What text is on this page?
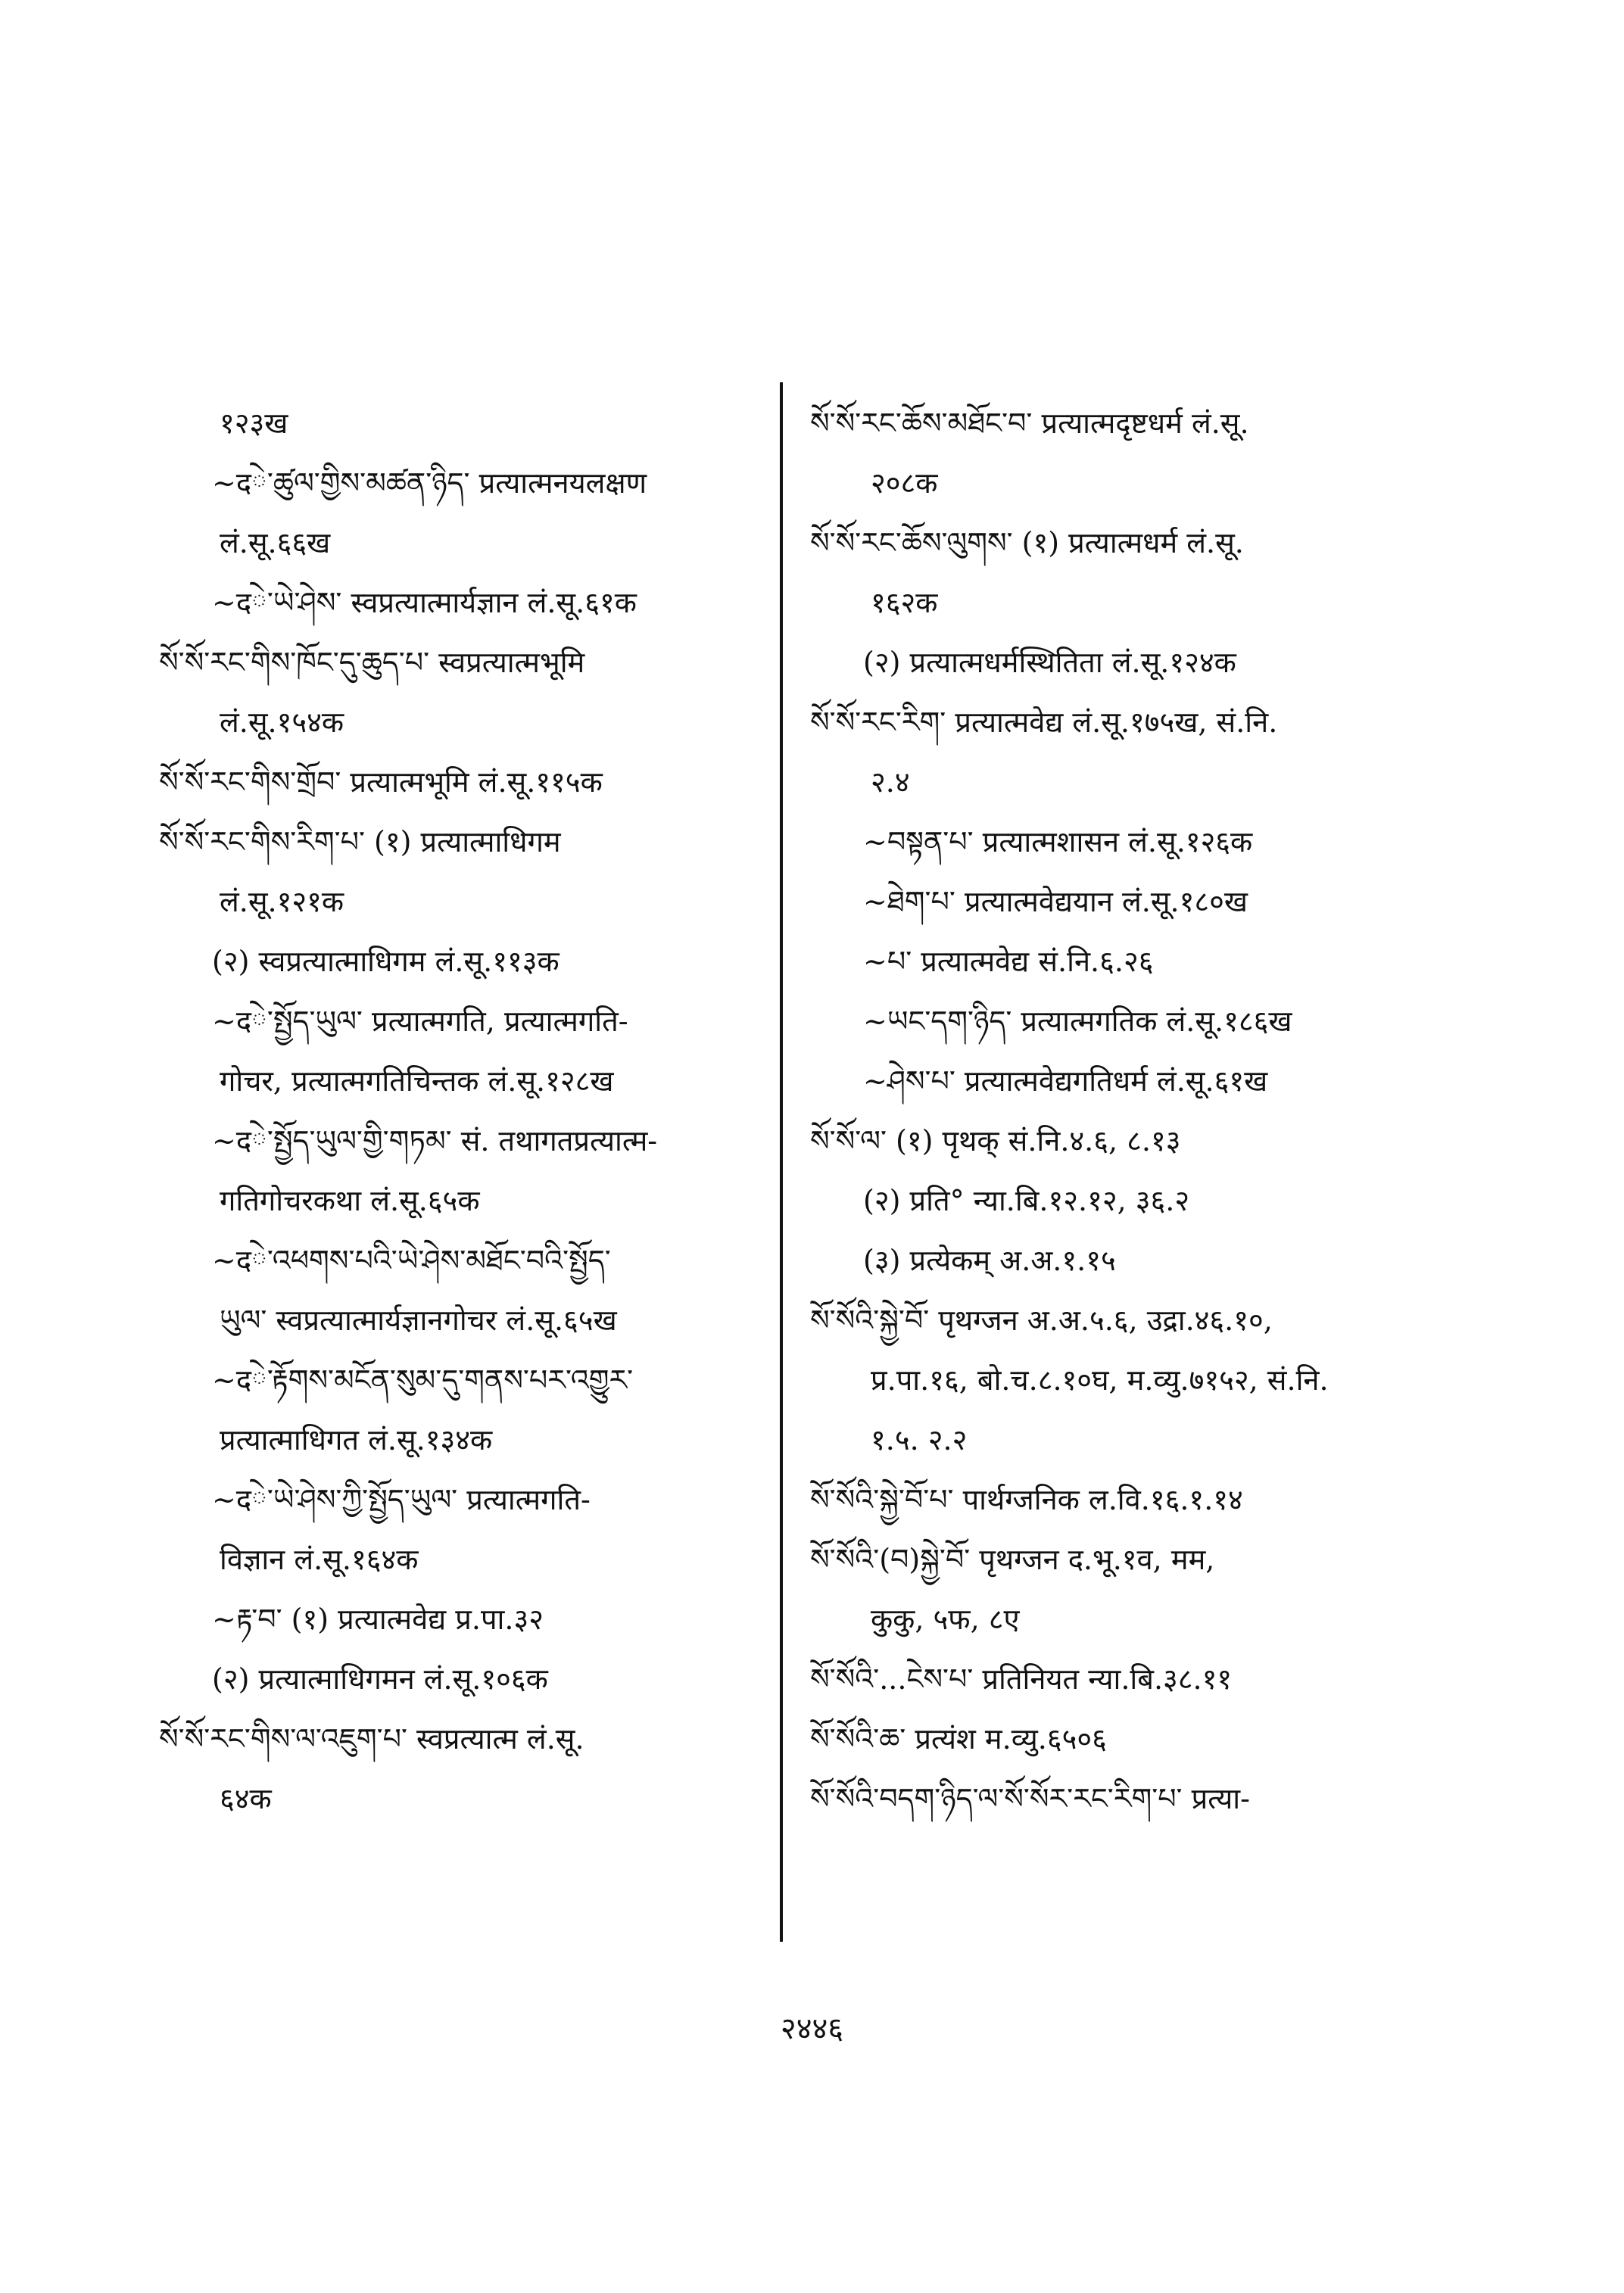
१२३ख

~दེ་ཚུལ་གྱིས་མཚན་ཉིད་ प्रत्यात्मनयलक्षण

लं.सू.६६ख

~दེ་ཡེ་ཤེས་ स्वप्रत्यात्मार्यज्ञान लं.सू.६१क

སོ་སོ་རང་གིས་ཁོང་དུ་ཆུད་པ་ स्वप्रत्यात्मभूमि

लं.सू.१५४क

སོ་སོ་རང་གིས་གྲོབ་ प्रत्यात्मभूमि लं.सू.११५क

སོ་སོ་རང་གིས་རིག་པ་ (१) प्रत्यात्माधिगम

लं.सू.१२१क

(२) स्वप्रत्यात्माधिगम लं.सू.११३क

~दེ་སྤྱོད་ཡུལ་ प्रत्यात्मगति, प्रत्यात्मगति-

गोचर, प्रत्यात्मगतिचिन्तक लं.सू.१२८ख

~दེ་སྤྱོད་ཡུལ་གྱི་གཏམ་ सं. तथागतप्रत्यात्म-

गतिगोचरकथा लं.सू.६५क

~दེ་འཕགས་པའི་ཡེ་ཤེས་མཐོང་བའི་སྤྱོད་

ཡུལ་ स्वप्रत्यात्मार्यज्ञानगोचर लं.सू.६५ख

~दེ་རྟོགས་མངོན་སུམ་དུ་གནས་པར་འགྱུར་

प्रत्यात्माधिगत लं.सू.१३४क

~दེ་ཡེ་ཤེས་ཀྱི་སྤྱོད་ཡུལ་ प्रत्यात्मगति-

विज्ञान लं.सू.१६४क

~རྟ་བ་ (१) प्रत्यात्मवेद्य प्र.पा.३२

(२) प्रत्यात्माधिगमन लं.सू.१०६क

སོ་སོ་རང་གིས་ལ་འཇུག་པ་ स्वप्रत्यात्म लं.सू.

६४क

སོ་སོ་རང་ཆོས་མཐོང་བ་ प्रत्यात्मदृष्टधर्म लं.सू.

२०८क

སོ་སོ་རང་ཆོས་ལུགས་ (१) प्रत्यात्मधर्म लं.सू.

१६२क

(२) प्रत्यात्मधर्मस्थितिता लं.सू.१२४क

སོ་སོ་རང་རིག་ प्रत्यात्मवेद्य लं.सू.१७५ख, सं.नि.

२.४

~བསྟན་པ་ प्रत्यात्मशासन लं.सू.१२६क

~ཐེག་པ་ प्रत्यात्मवेद्ययान लं.सू.१८०ख

~པ་ प्रत्यात्मवेद्य सं.नि.६.२६

~ཡང་དག་ཉིད་ प्रत्यात्मगतिक लं.सू.१८६ख

~ཤེས་པ་ प्रत्यात्मवेद्यगतिधर्म लं.सू.६१ख

སོ་སོ་ལ་ (१) पृथक् सं.नि.४.६, ८.१३

(२) प्रति° न्या.बि.१२.१२, ३६.२

(३) प्रत्येकम् अ.अ.१.१५

སོ་སོའི་སྐྱེ་བོ་ पृथग्जन अ.अ.५.६, उद्रा.४६.१०,

प्र.पा.१६, बो.च.८.१०घ, म.व्यु.७१५२, सं.नि.

१.५. २.२

སོ་སོའི་སྐྱེ་བོ་པ་ पार्थग्जनिक ल.वि.१६.१.१४

སོ་སོའི་(བ)སྐྱེ་བོ་ पृथग्जन द.भू.१व, मम,

कुकु, ५फ, ८ए

སོ་སོའི་...ངེས་པ་ प्रतिनियत न्या.बि.३८.११

སོ་སོའི་ཆ་ प्रत्यंश म.व्यु.६५०६

སོ་སོའི་བདག་ཉིད་ལ་སོ་སོར་རང་རིག་པ་ प्रत्या-

२४४६
